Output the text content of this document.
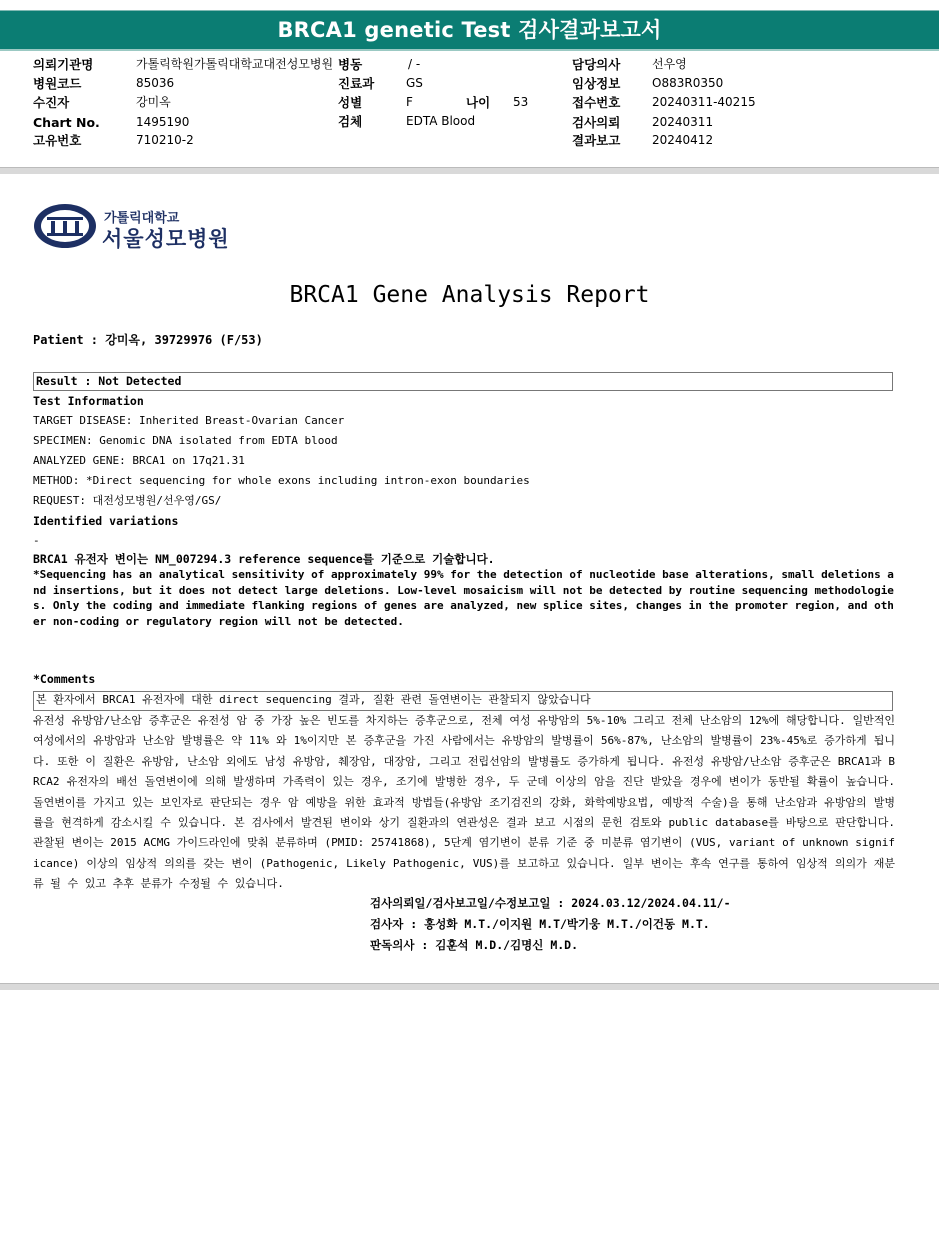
BRCA1 genetic Test 검사결과보고서
의뢰기관명	가톨릭학원가톨릭대학교대전성모병원 병동	/ -	담당의사	선우영
병원코드	85036	진료과	GS	임상정보	O883R0350
수진자	강미옥	성별	F	나이 53	접수번호	20240311-40215
Chart No.	1495190	검체	EDTA Blood	검사의뢰	20240311
고유번호	710210-2	결과보고	20240412
가톨릭대학교
서울성모병원
BRCA1 Gene Analysis Report
Patient : 강미옥, 39729976 (F/53)
Result : Not Detected
Test Information
TARGET DISEASE: Inherited Breast-Ovarian Cancer
SPECIMEN: Genomic DNA isolated from EDTA blood
ANALYZED GENE: BRCA1 on 17q21.31
METHOD: *Direct sequencing for whole exons including intron-exon boundaries
REQUEST: 대전성모병원/선우영/GS/
Identified variations
-
BRCA1 유전자 변이는 NM_007294.3 reference sequence를 기준으로 기술합니다.
*Sequencing has an analytical sensitivity of approximately 99% for the detection of nucleotide base alterations, small deletions and insertions, but it does not detect large deletions. Low-level mosaicism will not be detected by routine sequencing methodologies. Only the coding and immediate flanking regions of genes are analyzed, new splice sites, changes in the promoter region, and other non-coding or regulatory region will not be detected.
*Comments
본 환자에서 BRCA1 유전자에 대한 direct sequencing 결과, 질환 관련 돌연변이는 관찰되지 않았습니다
유전성 유방암/난소암 증후군은 유전성 암 중 가장 높은 빈도를 차지하는 증후군으로, 전체 여성 유방암의 5%-10% 그리고 전체 난소암의 12%에 해당합니다. 일반적인 여성에서의 유방암과 난소암 발병률은 약 11% 와 1%이지만 본 증후군을 가진 사람에서는 유방암의 발병률이 56%-87%, 난소암의 발병률이 23%-45%로 증가하게 됩니다. 또한 이 질환은 유방암, 난소암 외에도 남성 유방암, 췌장암, 대장암, 그리고 전립선암의 발병률도 증가하게 됩니다. 유전성 유방암/난소암 증후군은 BRCA1과 BRCA2 유전자의 배선 돌연변이에 의해 발생하며 가족력이 있는 경우, 조기에 발병한 경우, 두 군데 이상의 암을 진단 받았을 경우에 변이가 동반될 확률이 높습니다. 돌연변이를 가지고 있는 보인자로 판단되는 경우 암 예방을 위한 효과적 방법들(유방암 조기검진의 강화, 화학예방요법, 예방적 수술)을 통해 난소암과 유방암의 발병률을 현격하게 감소시킬 수 있습니다. 본 검사에서 발견된 변이와 상기 질환과의 연관성은 결과 보고 시점의 문헌 검토와 public database를 바탕으로 판단합니다. 관찰된 변이는 2015 ACMG 가이드라인에 맞춰 분류하며 (PMID: 25741868), 5단계 염기변이 분류 기준 중 미분류 염기변이 (VUS, variant of unknown significance) 이상의 임상적 의의를 갖는 변이 (Pathogenic, Likely Pathogenic, VUS)를 보고하고 있습니다. 일부 변이는 후속 연구를 통하여 임상적 의의가 재분류 될 수 있고 추후 분류가 수정될 수 있습니다.
검사의뢰일/검사보고일/수정보고일 : 2024.03.12/2024.04.11/-
검사자 : 홍성화 M.T./이지원 M.T/박기웅 M.T./이건동 M.T.
판독의사 : 김훈석 M.D./김명신 M.D.
